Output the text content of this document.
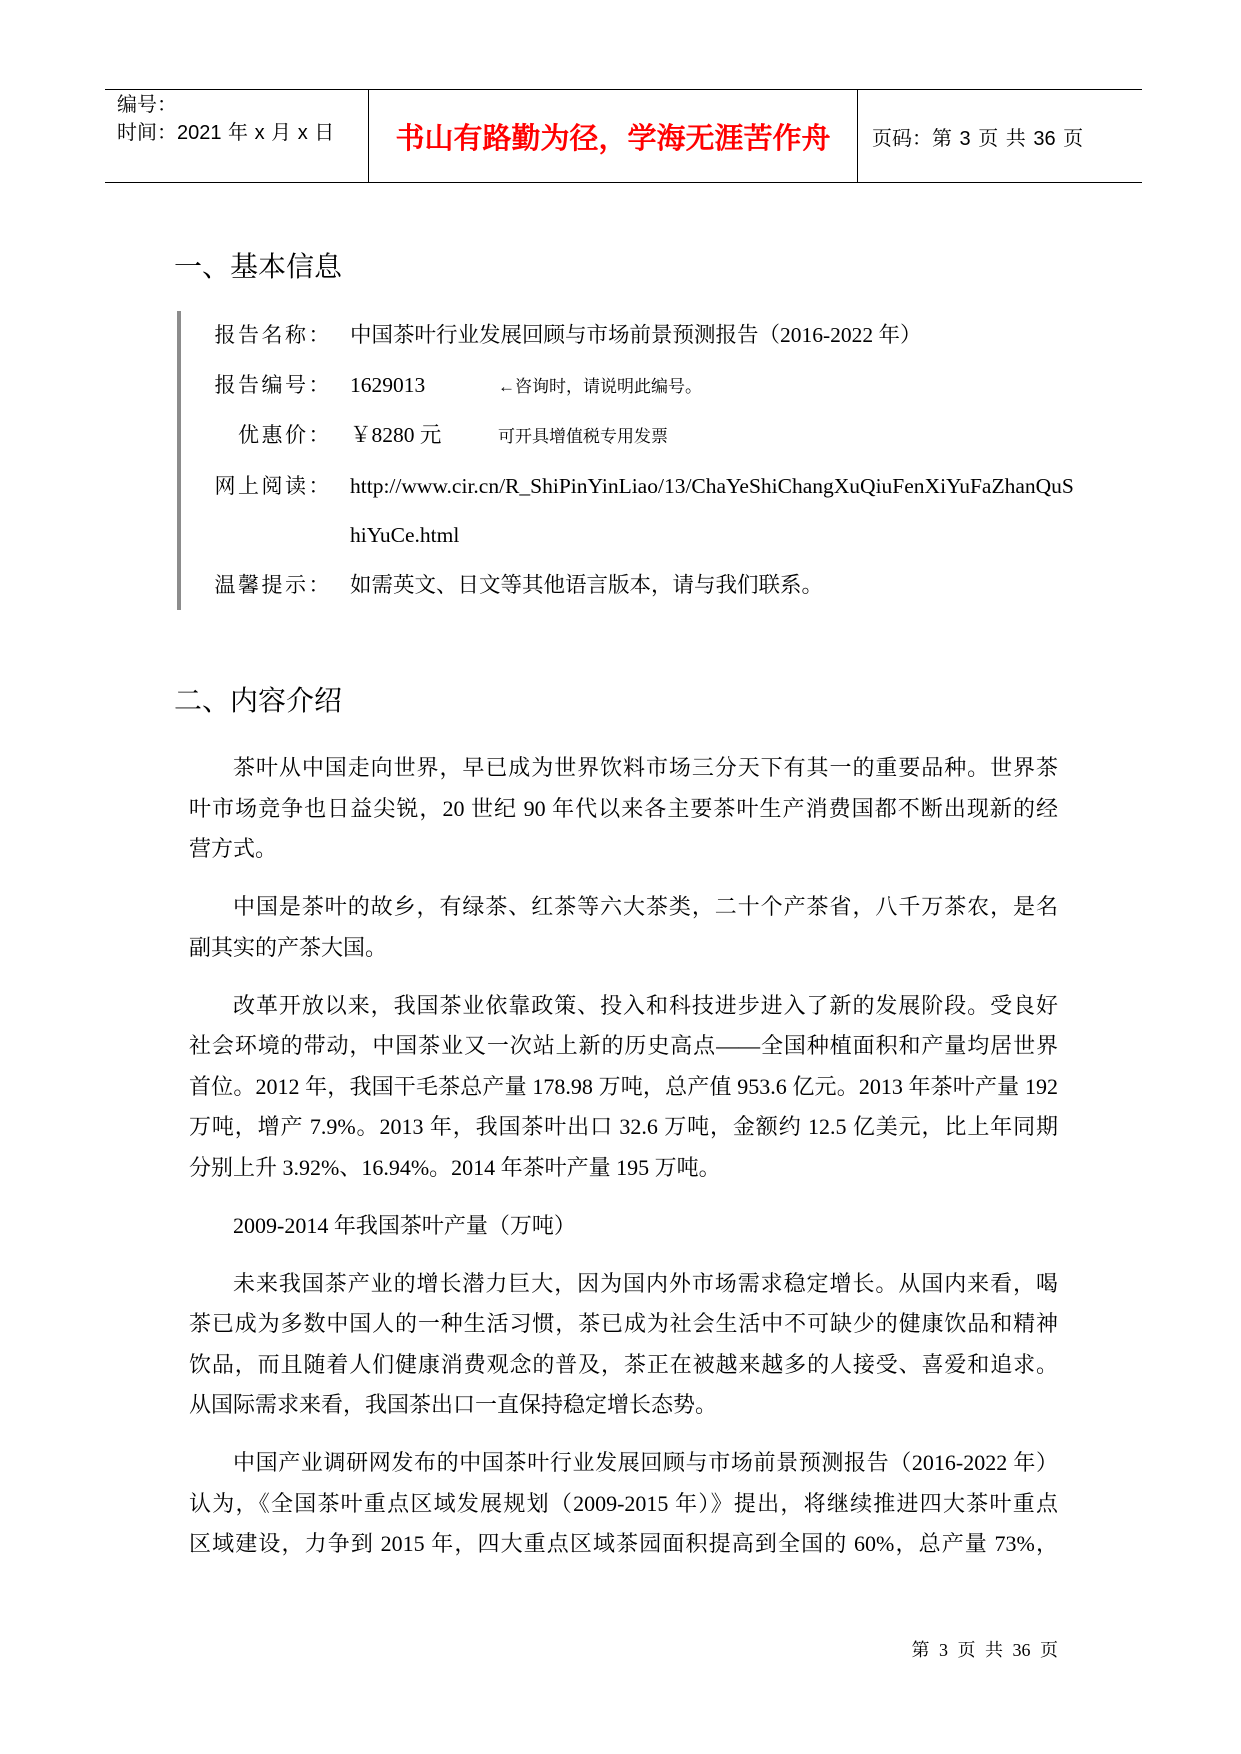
编号：
时间：2021 年 x 月 x 日	书山有路勤为径，学海无涯苦作舟 页码：第 3 页 共 36 页
一、基本信息
报告名称： 中国茶叶行业发展回顾与市场前景预测报告（2016-2022 年）
报告编号： 1629013	←咨询时，请说明此编号。
优惠价： ￥8280 元	可开具增值税专用发票
网上阅读： http://www.cir.cn/R_ShiPinYinLiao/13/ChaYeShiChangXuQiuFenXiYuFaZhanQuShiYuCe.html
温馨提示： 如需英文、日文等其他语言版本，请与我们联系。
二、内容介绍
茶叶从中国走向世界，早已成为世界饮料市场三分天下有其一的重要品种。世界茶
叶市场竞争也日益尖锐，20 世纪 90 年代以来各主要茶叶生产消费国都不断出现新的经
营方式。
中国是茶叶的故乡，有绿茶、红茶等六大茶类，二十个产茶省，八千万茶农，是名
副其实的产茶大国。
改革开放以来，我国茶业依靠政策、投入和科技进步进入了新的发展阶段。受良好
社会环境的带动，中国茶业又一次站上新的历史高点——全国种植面积和产量均居世界
首位。2012 年，我国干毛茶总产量 178.98 万吨，总产值 953.6 亿元。2013 年茶叶产量 192
万吨，增产 7.9%。2013 年，我国茶叶出口 32.6 万吨，金额约 12.5 亿美元，比上年同期
分别上升 3.92%、16.94%。2014 年茶叶产量 195 万吨。
2009-2014 年我国茶叶产量（万吨）
未来我国茶产业的增长潜力巨大，因为国内外市场需求稳定增长。从国内来看，喝
茶已成为多数中国人的一种生活习惯，茶已成为社会生活中不可缺少的健康饮品和精神
饮品，而且随着人们健康消费观念的普及，茶正在被越来越多的人接受、喜爱和追求。
从国际需求来看，我国茶出口一直保持稳定增长态势。
中国产业调研网发布的中国茶叶行业发展回顾与市场前景预测报告（2016-2022 年）
认为，《全国茶叶重点区域发展规划（2009-2015 年）》提出，将继续推进四大茶叶重点
区域建设，力争到 2015 年，四大重点区域茶园面积提高到全国的 60%，总产量 73%，
第 3 页 共 36 页
